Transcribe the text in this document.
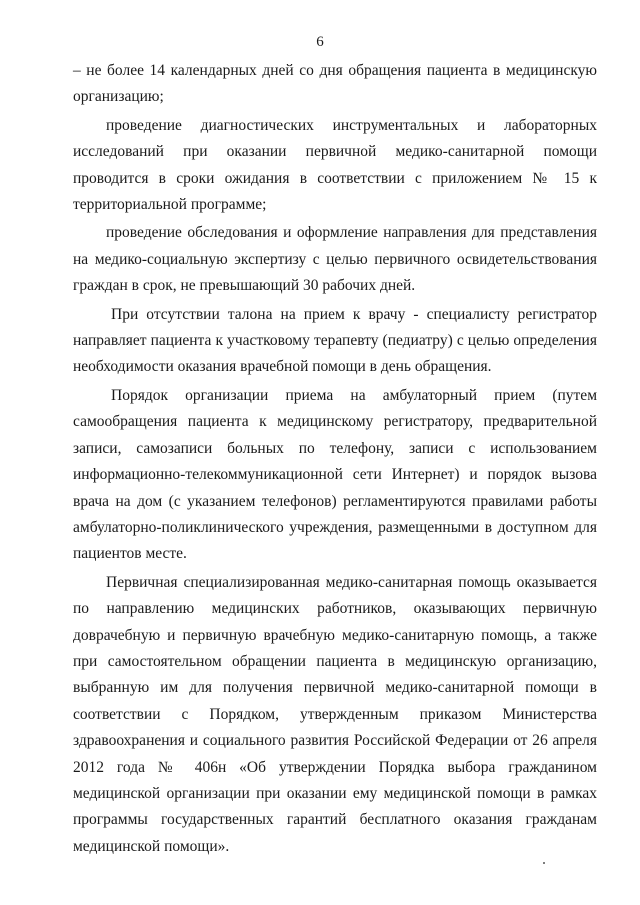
6

– не более 14 календарных дней со дня обращения пациента в медицинскую организацию;

проведение диагностических инструментальных и лабораторных исследований при оказании первичной медико-санитарной помощи проводится в сроки ожидания в соответствии с приложением № 15 к территориальной программе;

проведение обследования и оформление направления для представления на медико-социальную экспертизу с целью первичного освидетельствования граждан в срок, не превышающий 30 рабочих дней.

При отсутствии талона на прием к врачу - специалисту регистратор направляет пациента к участковому терапевту (педиатру) с целью определения необходимости оказания врачебной помощи в день обращения.

Порядок организации приема на амбулаторный прием (путем самообращения пациента к медицинскому регистратору, предварительной записи, самозаписи больных по телефону, записи с использованием информационно-телекоммуникационной сети Интернет) и порядок вызова врача на дом (с указанием телефонов) регламентируются правилами работы амбулаторно-поликлинического учреждения, размещенными в доступном для пациентов месте.

Первичная специализированная медико-санитарная помощь оказывается по направлению медицинских работников, оказывающих первичную доврачебную и первичную врачебную медико-санитарную помощь, а также при самостоятельном обращении пациента в медицинскую организацию, выбранную им для получения первичной медико-санитарной помощи в соответствии с Порядком, утвержденным приказом Министерства здравоохранения и социального развития Российской Федерации от 26 апреля 2012 года № 406н «Об утверждении Порядка выбора гражданином медицинской организации при оказании ему медицинской помощи в рамках программы государственных гарантий бесплатного оказания гражданам медицинской помощи».
